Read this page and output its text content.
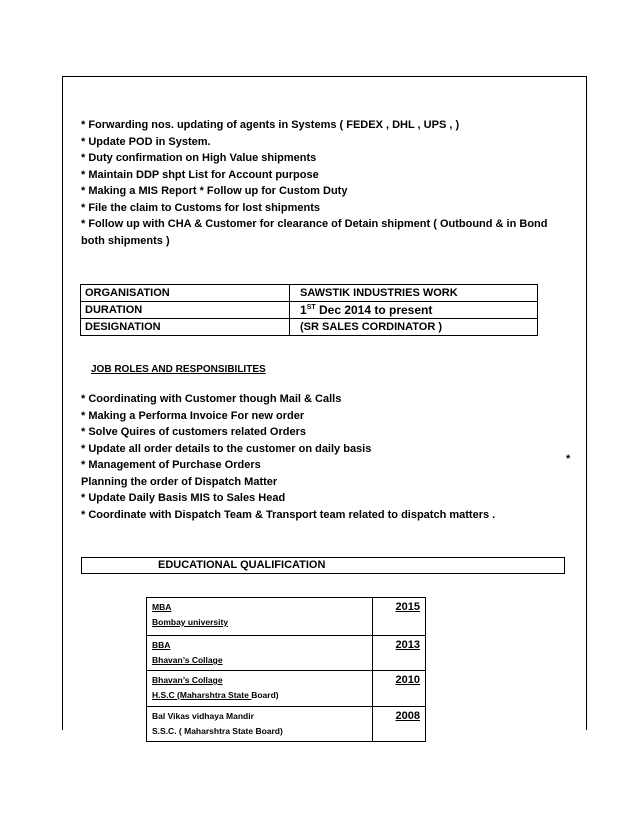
* Forwarding nos. updating of agents in Systems ( FEDEX , DHL , UPS , )
* Update POD in System.
* Duty confirmation on High Value shipments
* Maintain DDP shpt List for Account purpose
* Making a MIS Report * Follow up for Custom Duty
* File the claim to Customs for lost shipments
* Follow up with CHA & Customer for clearance of Detain shipment ( Outbound & in Bond both shipments )
ORGANISATION	SAWSTIK INDUSTRIES WORK
DURATION	1ST Dec 2014 to present
DESIGNATION	(SR SALES CORDINATOR )
JOB ROLES AND RESPONSIBILITES
* Coordinating with Customer though Mail & Calls
* Making a Performa Invoice For new order
* Solve Quires of customers related Orders
* Update all order details to the customer on daily basis
* Management of Purchase Orders
Planning the order of Dispatch Matter
* Update Daily Basis MIS to Sales Head
* Coordinate with Dispatch Team & Transport team related to dispatch matters .
*
EDUCATIONAL QUALIFICATION
MBA
Bombay university	2015

BBA
Bhavan’s Collage	2013

Bhavan’s Collage
H.S.C (Maharshtra State Board)	2010

Bal Vikas vidhaya Mandir
S.S.C. ( Maharshtra State Board)	2008
